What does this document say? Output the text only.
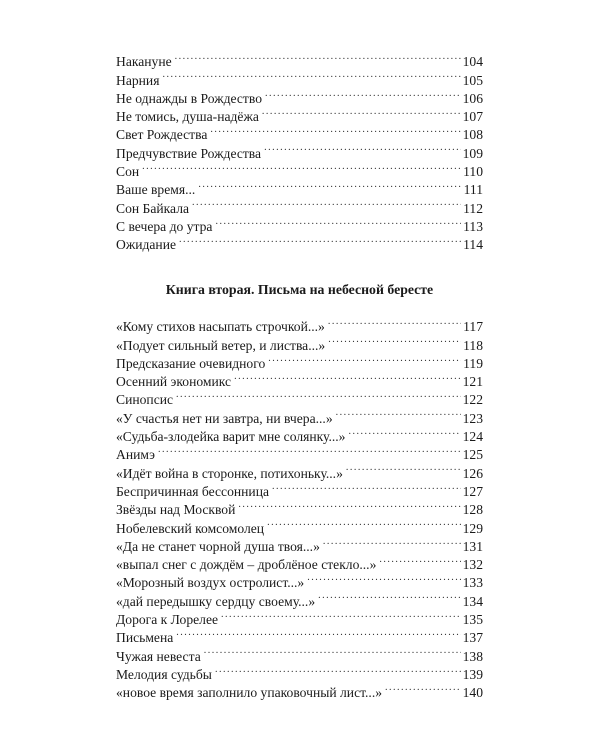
Накануне . . .	104
Нарния . . .	105
Не однажды в Рождество . . .	106
Не томись, душа-надёжа . . .	107
Свет Рождества . . .	108
Предчувствие Рождества . . .	109
Сон . . .	110
Ваше время... . . .	111
Сон Байкала . . .	112
С вечера до утра . . .	113
Ожидание . . .	114
Книга вторая. Письма на небесной бересте
«Кому стихов насыпать строчкой...» . . .	117
«Подует сильный ветер, и листва...» . . .	118
Предсказание очевидного . . .	119
Осенний экономикс . . .	121
Синопсис . . .	122
«У счастья нет ни завтра, ни вчера...» . . .	123
«Судьба-злодейка варит мне солянку...» . . .	124
Анимэ . . .	125
«Идёт война в сторонке, потихоньку...» . . .	126
Беспричинная бессонница . . .	127
Звёзды над Москвой . . .	128
Нобелевский комсомолец . . .	129
«Да не станет чорной душа твоя...» . . .	131
«выпал снег с дождём – дроблёное стекло...» . . .	132
«Морозный воздух остролист...» . . .	133
«дай передышку сердцу своему...» . . .	134
Дорога к Лорелее . . .	135
Письмена . . .	137
Чужая невеста . . .	138
Мелодия судьбы . . .	139
«новое время заполнило упаковочный лист...» . . .	140
